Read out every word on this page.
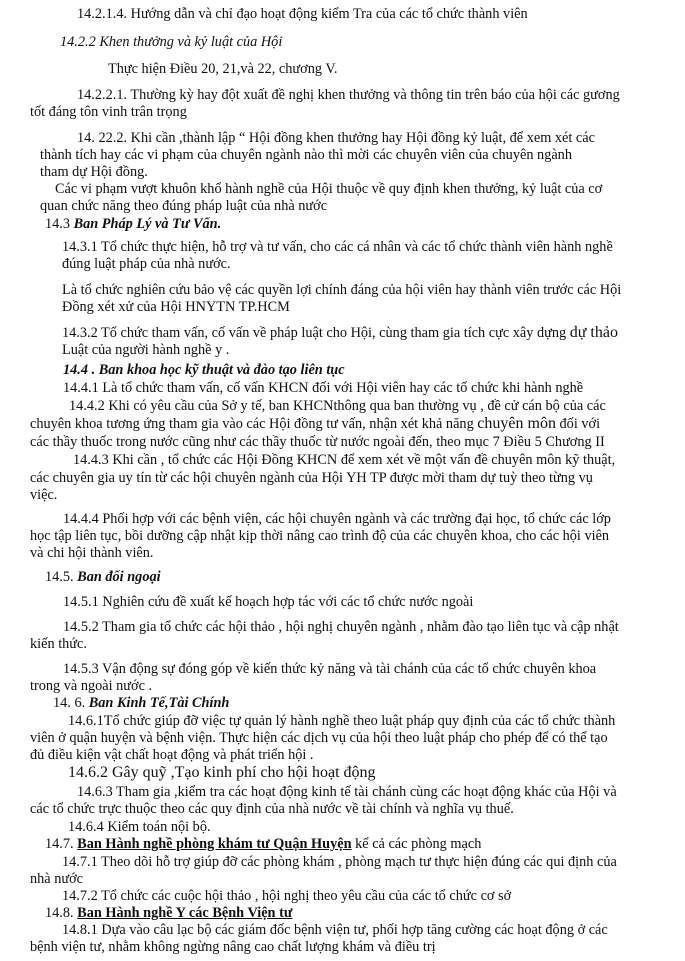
14.2.1.4. Hướng dẫn và chỉ đạo hoạt động kiểm Tra của các tổ chức thành viên
14.2.2 Khen thưởng và kỷ luật của Hội
Thực hiện Điều 20, 21,và 22, chương V.
14.2.2.1. Thường kỳ hay đột xuất đề nghị khen thưởng và thông tin trên báo của hội các gương
tốt đáng tôn vinh trân trọng
14. 22.2. Khi cần ,thành lập “ Hội đồng khen thưởng hay Hội đồng kỷ luật, để xem xét các
thành tích hay các vi phạm của chuyên ngành nào thì mời các chuyên viên của chuyên ngành
tham dự Hội đồng.
Các vi phạm vượt khuôn khổ hành nghề của Hội thuộc về quy định khen thưởng, kỷ luật của cơ
quan chức năng theo đúng pháp luật của nhà nước
14.3 Ban Pháp Lý và Tư Vấn.
14.3.1 Tổ chức thực hiện, hỗ trợ và tư vấn, cho các cá nhân và các tổ chức thành viên hành nghề
đúng luật pháp của nhà nước.
Là tổ chức nghiên cứu bảo vệ các quyền lợi chính đáng của hội viên hay thành viên trước các Hội
Đồng xét xử của Hội HNYTN TP.HCM
14.3.2 Tổ chức tham vấn, cố vấn về pháp luật cho Hội, cùng tham gia tích cực xây dựng dự thảo
Luật của người hành nghề y .
14.4 . Ban khoa học kỹ thuật và đào tạo liên tục
14.4.1 Là tổ chức tham vấn, cố vấn KHCN đối với Hội viên hay các tổ chức khi hành nghề
14.4.2 Khi có yêu cầu của Sở y tế, ban KHCNthông qua ban thường vụ , đề cử cán bộ của các
chuyên khoa tương ứng tham gia vào các Hội đồng tư vấn, nhận xét khả năng chuyên môn đối với
các thầy thuốc trong nước cũng như các thầy thuốc từ nước ngoài đến, theo mục 7 Điều 5 Chương II
14.4.3 Khi cần , tổ chức các Hội Đồng KHCN để xem xét về một vấn đề chuyên môn kỹ thuật,
các chuyên gia uy tín từ các hội chuyên ngành của Hội YH TP được mời tham dự tuỳ theo từng vụ
việc.
14.4.4 Phối hợp với các bệnh viện, các hội chuyên ngành và các trường đại học, tổ chức các lớp
học tập liên tục, bồi dưỡng cập nhật kịp thời nâng cao trình độ của các chuyên khoa, cho các hội viên
và chi hội thành viên.
14.5. Ban đối ngoại
14.5.1 Nghiên cứu đề xuất kế hoạch hợp tác với các tổ chức nước ngoài
14.5.2 Tham gia tổ chức các hội thảo , hội nghị chuyên ngành , nhằm đào tạo liên tục và cập nhật
kiến thức.
14.5.3 Vận động sự đóng góp về kiến thức kỷ năng và tài chánh của các tổ chức chuyên khoa
trong và ngoài nước .
14. 6. Ban Kinh Tế,Tài Chính
14.6.1Tổ chức giúp đỡ việc tự quản lý hành nghề theo luật pháp quy định của các tổ chức thành
viên ở quận huyện và bệnh viện. Thực hiện các dịch vụ của hội theo luật pháp cho phép để có thể tạo
đủ điều kiện vật chất hoạt động và phát triển hội .
14.6.2 Gây quỹ ,Tạo kinh phí cho hội hoạt động
14.6.3 Tham gia ,kiểm tra các hoạt động kinh tế tài chánh cùng các hoạt động khác của Hội và
các tổ chức trực thuộc theo các quy định của nhà nước về tài chính và nghĩa vụ thuế.
14.6.4 Kiểm toán nội bộ.
14.7. Ban Hành nghề phòng khám tư Quận Huyện kể cả các phòng mạch
14.7.1 Theo dõi hỗ trợ giúp đỡ các phòng khám , phòng mạch tư thực hiện đúng các qui định của
nhà nước
14.7.2 Tổ chức các cuộc hội thảo , hội nghị theo yêu cầu của các tổ chức cơ sở
14.8. Ban Hành nghề Y các Bệnh Viện tư
14.8.1 Dựa vào câu lạc bộ các giám đốc bệnh viện tư, phối hợp tăng cường các hoạt động ở các
bệnh viện tư, nhằm không ngừng nâng cao chất lượng khám và điều trị
